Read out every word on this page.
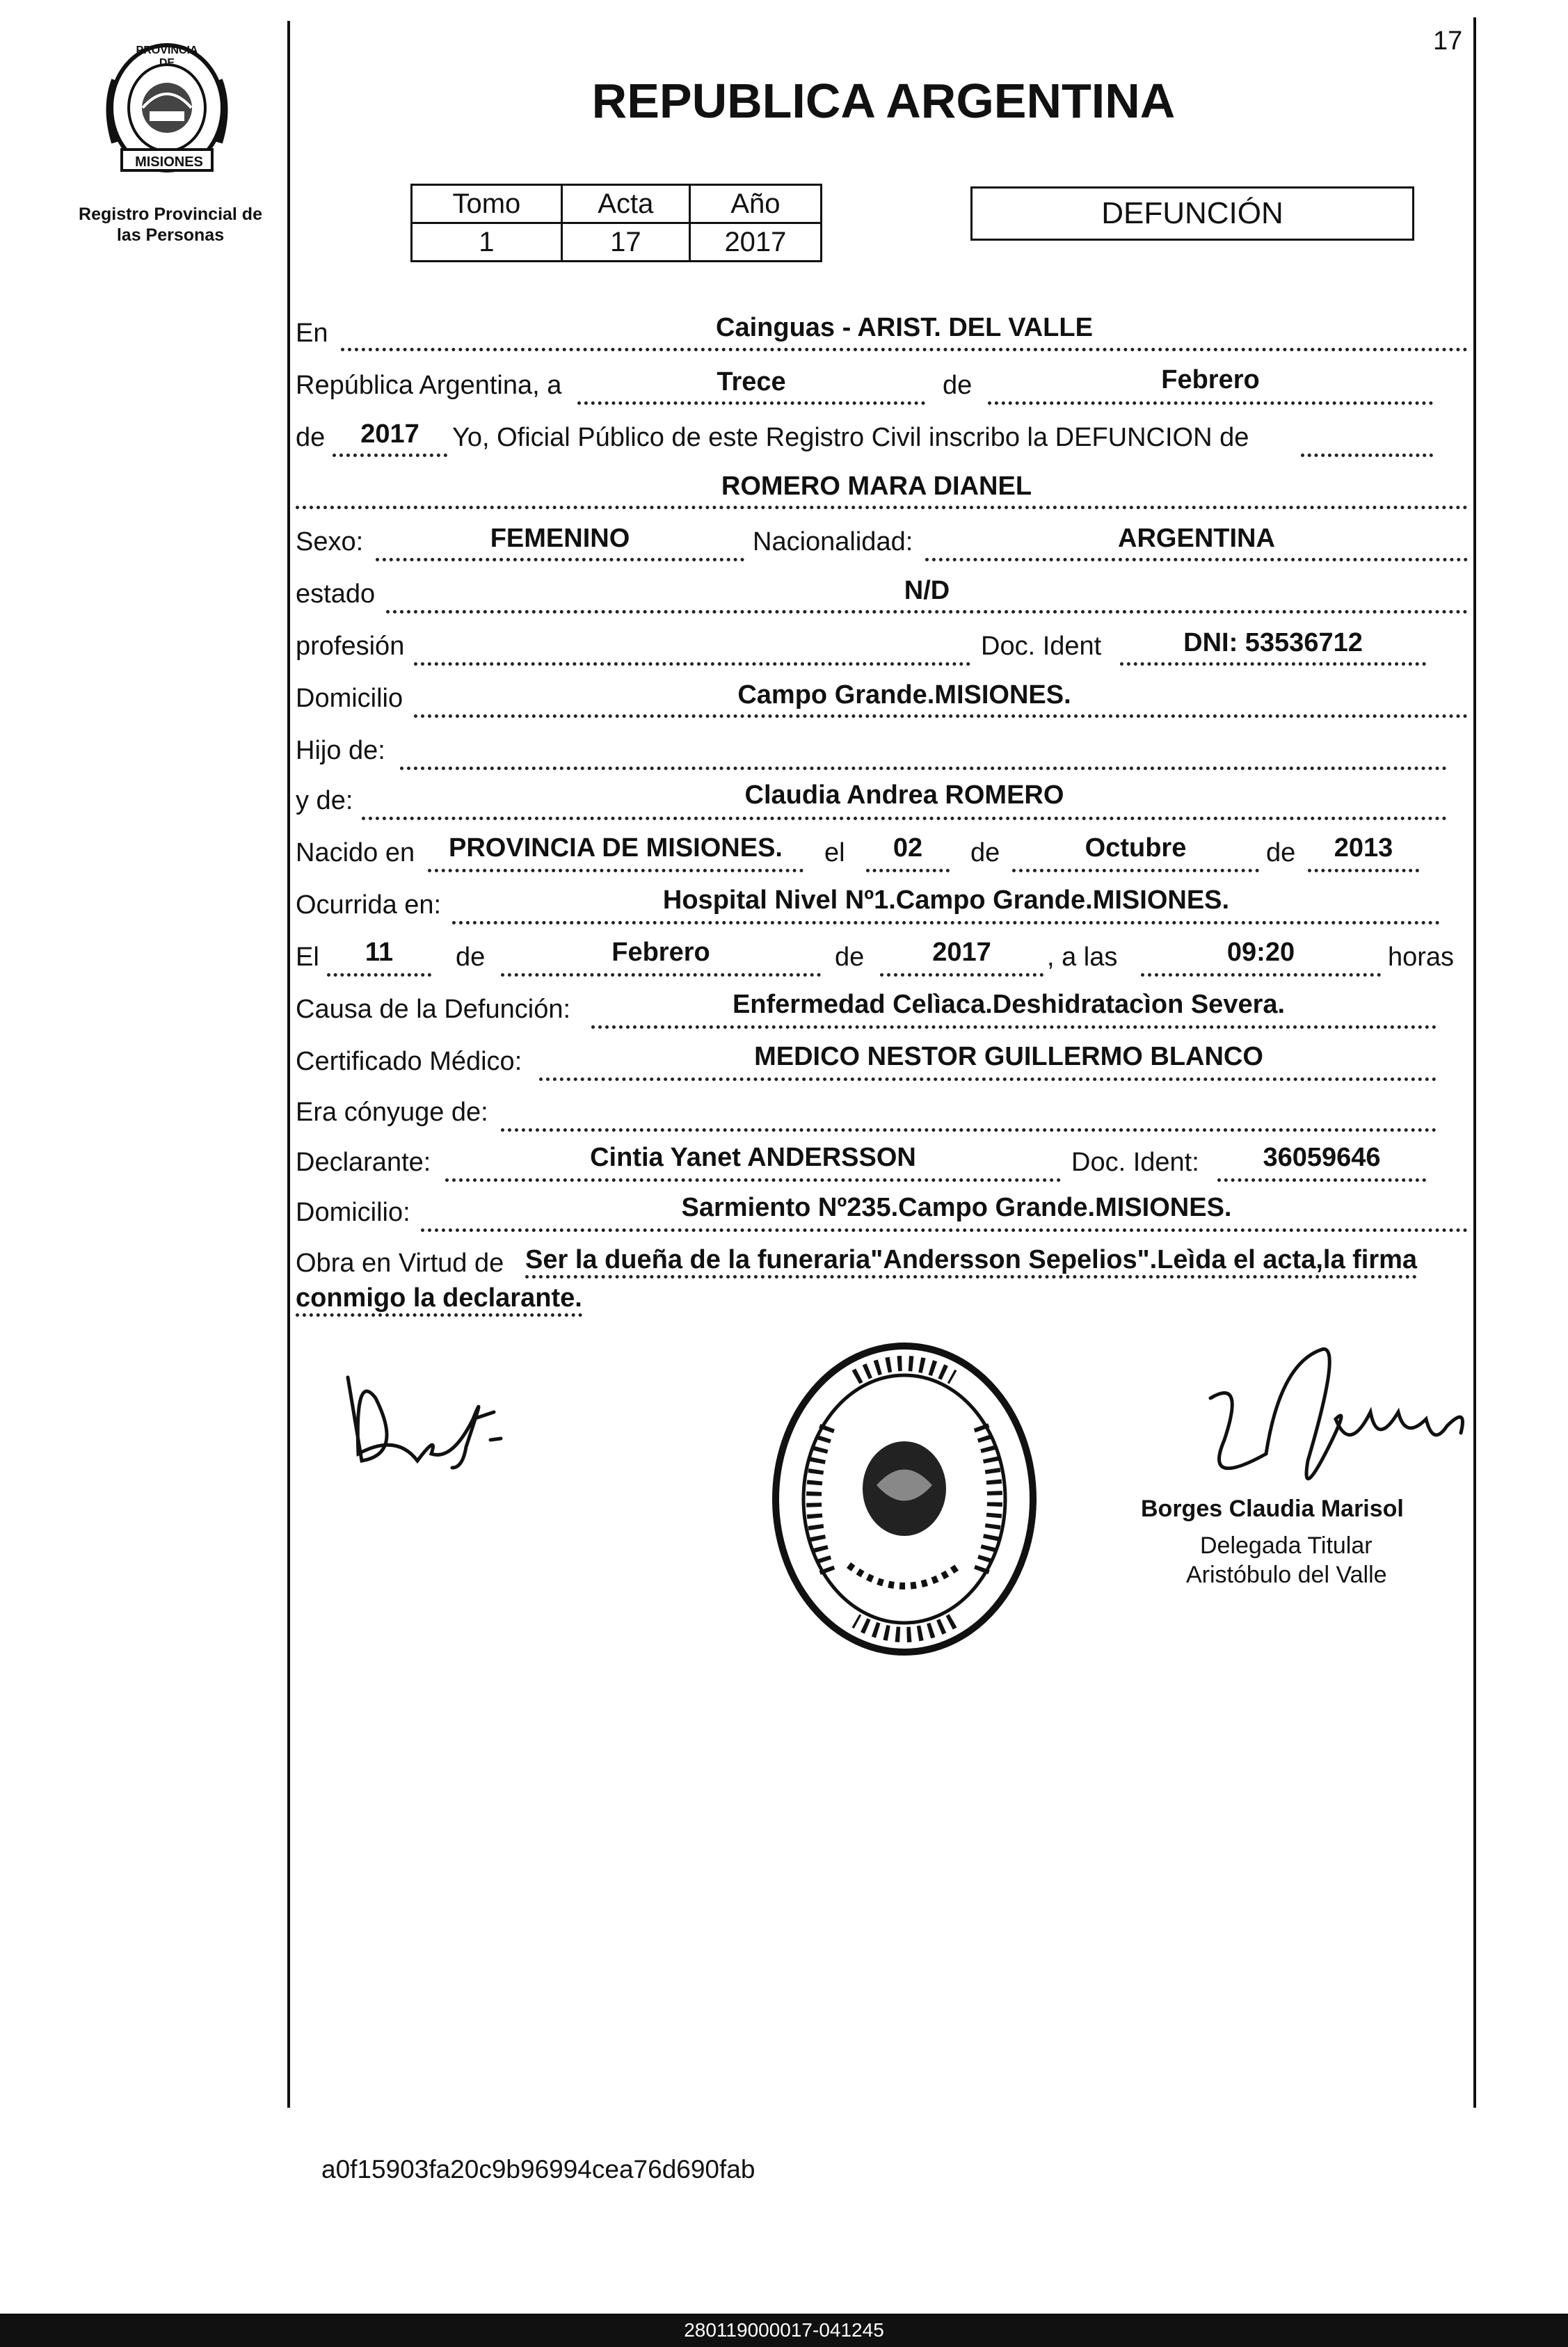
PROVINCIA DE
MISIONES
Registro Provincial de las Personas
17
REPUBLICA ARGENTINA
Tomo	Acta	Año
1	17	2017
DEFUNCIÓN
En	Cainguas - ARIST. DEL VALLE
República Argentina, a	Trece	de	Febrero
de	2017	Yo, Oficial Público de este Registro Civil inscribo la DEFUNCION de
ROMERO MARA DIANEL
Sexo:	FEMENINO	Nacionalidad:	ARGENTINA
estado	N/D
profesión	Doc. Ident	DNI: 53536712
Domicilio	Campo Grande.MISIONES.
Hijo de:
y de:	Claudia Andrea ROMERO
Nacido en	PROVINCIA DE MISIONES.	el	02	de	Octubre	de	2013
Ocurrida en:	Hospital Nivel Nº1.Campo Grande.MISIONES.
El	11	de	Febrero	de	2017	, a las	09:20	horas
Causa de la Defunción:	Enfermedad Celìaca.Deshidratacìon Severa.
Certificado Médico:	MEDICO NESTOR GUILLERMO BLANCO
Era cónyuge de:
Declarante:	Cintia Yanet ANDERSSON	Doc. Ident:	36059646
Domicilio:	Sarmiento Nº235.Campo Grande.MISIONES.
Obra en Virtud de Ser la dueña de la funeraria"Andersson Sepelios".Leìda el acta,la firma
conmigo la declarante.
Borges Claudia Marisol
Delegada Titular
Aristóbulo del Valle
a0f15903fa20c9b96994cea76d690fab
280119000017-041245
